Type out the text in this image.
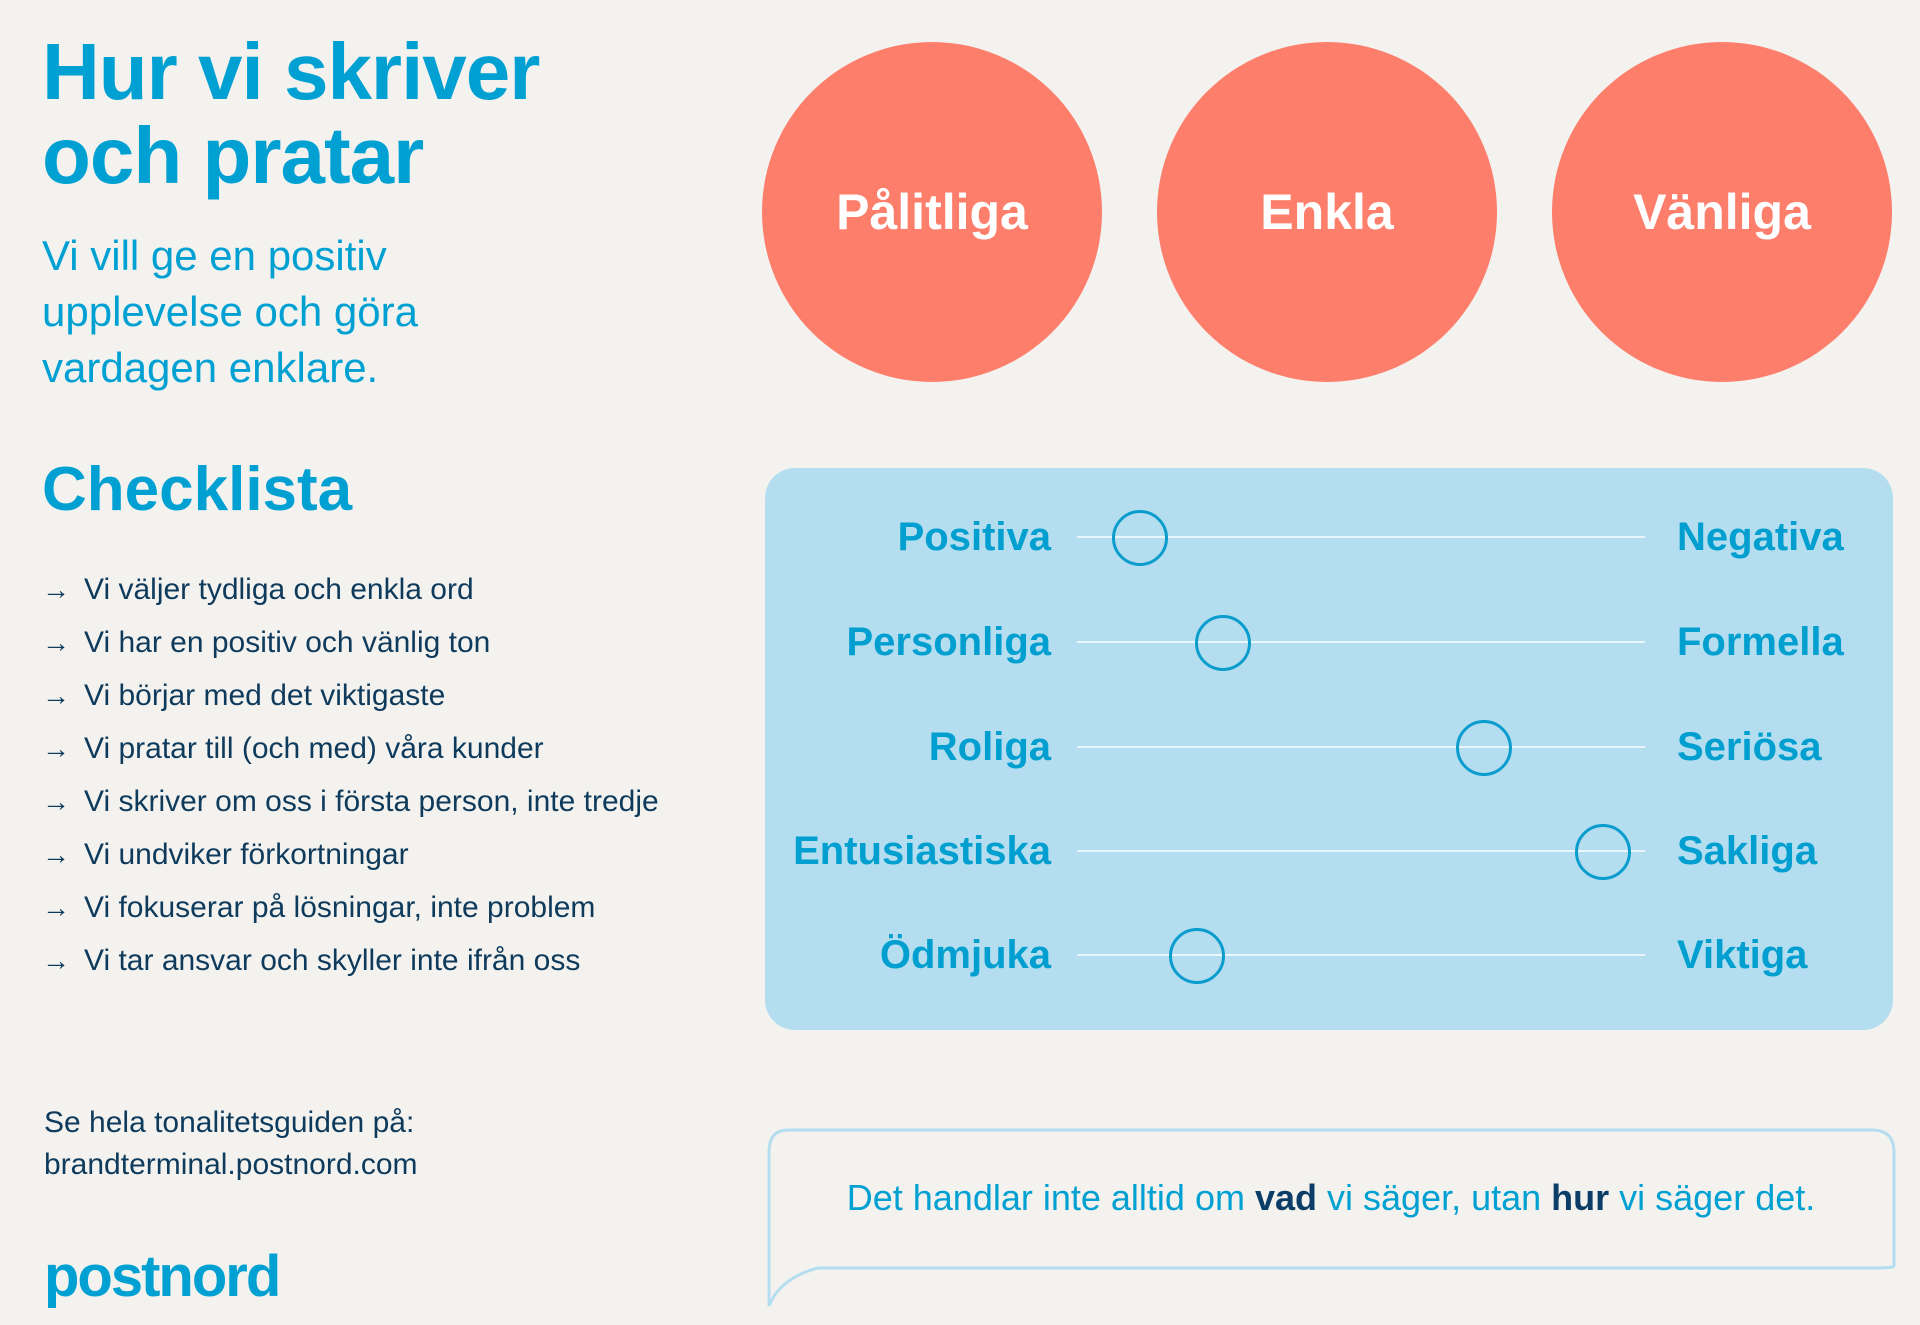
Hur vi skriver
och pratar

Vi vill ge en positiv
upplevelse och göra
vardagen enklare.

Pålitliga	Enkla	Vänliga
Checklista
→ Vi väljer tydliga och enkla ord
→ Vi har en positiv och vänlig ton
→ Vi börjar med det viktigaste
→ Vi pratar till (och med) våra kunder
→ Vi skriver om oss i första person, inte tredje
→ Vi undviker förkortningar
→ Vi fokuserar på lösningar, inte problem
→ Vi tar ansvar och skyller inte ifrån oss
Positiva	Negativa
Personliga	Formella
Roliga	Seriösa
Entusiastiska	Sakliga
Ödmjuka	Viktiga
Se hela tonalitetsguiden på:
brandterminal.postnord.com
postnord
Det handlar inte alltid om vad vi säger, utan hur vi säger det.
